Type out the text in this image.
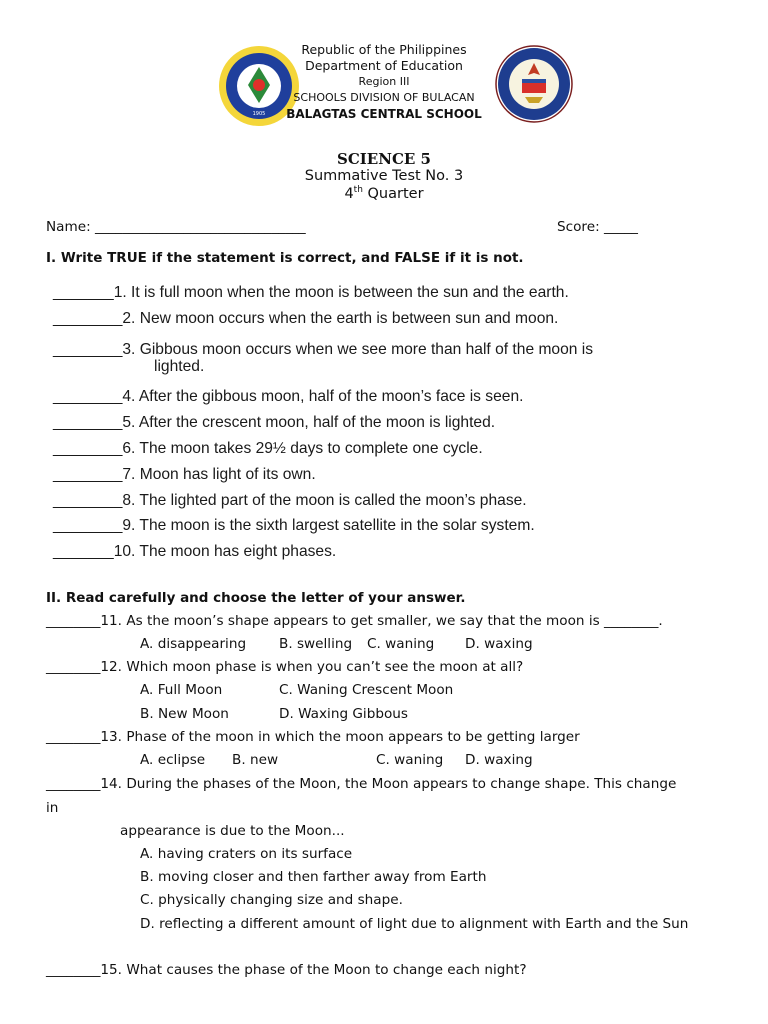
1905
Republic of the Philippines
Department of Education
Region III
SCHOOLS DIVISION OF BULACAN
BALAGTAS CENTRAL SCHOOL
SCIENCE 5
Summative Test No. 3
4th Quarter
Name: _______________________________	Score: _____
I. Write TRUE if the statement is correct, and FALSE if it is not.
_______1. It is full moon when the moon is between the sun and the earth.
________2. New moon occurs when the earth is between sun and moon.
________3. Gibbous moon occurs when we see more than half of the moon is
lighted.
________4. After the gibbous moon, half of the moon’s face is seen.
________5. After the crescent moon, half of the moon is lighted.
________6. The moon takes 29½ days to complete one cycle.
________7. Moon has light of its own.
________8. The lighted part of the moon is called the moon’s phase.
________9. The moon is the sixth largest satellite in the solar system.
_______10. The moon has eight phases.
II. Read carefully and choose the letter of your answer.
________11. As the moon’s shape appears to get smaller, we say that the moon is ________.
A. disappearing B. swelling C. waning D. waxing
________12. Which moon phase is when you can’t see the moon at all?
A. Full Moon	C. Waning Crescent Moon
B. New Moon	D. Waxing Gibbous
________13. Phase of the moon in which the moon appears to be getting larger
A. eclipse B. new	C. waning D. waxing
________14. During the phases of the Moon, the Moon appears to change shape. This change
in
appearance is due to the Moon...
A. having craters on its surface
B. moving closer and then farther away from Earth
C. physically changing size and shape.
D. reflecting a different amount of light due to alignment with Earth and the Sun
________15. What causes the phase of the Moon to change each night?
